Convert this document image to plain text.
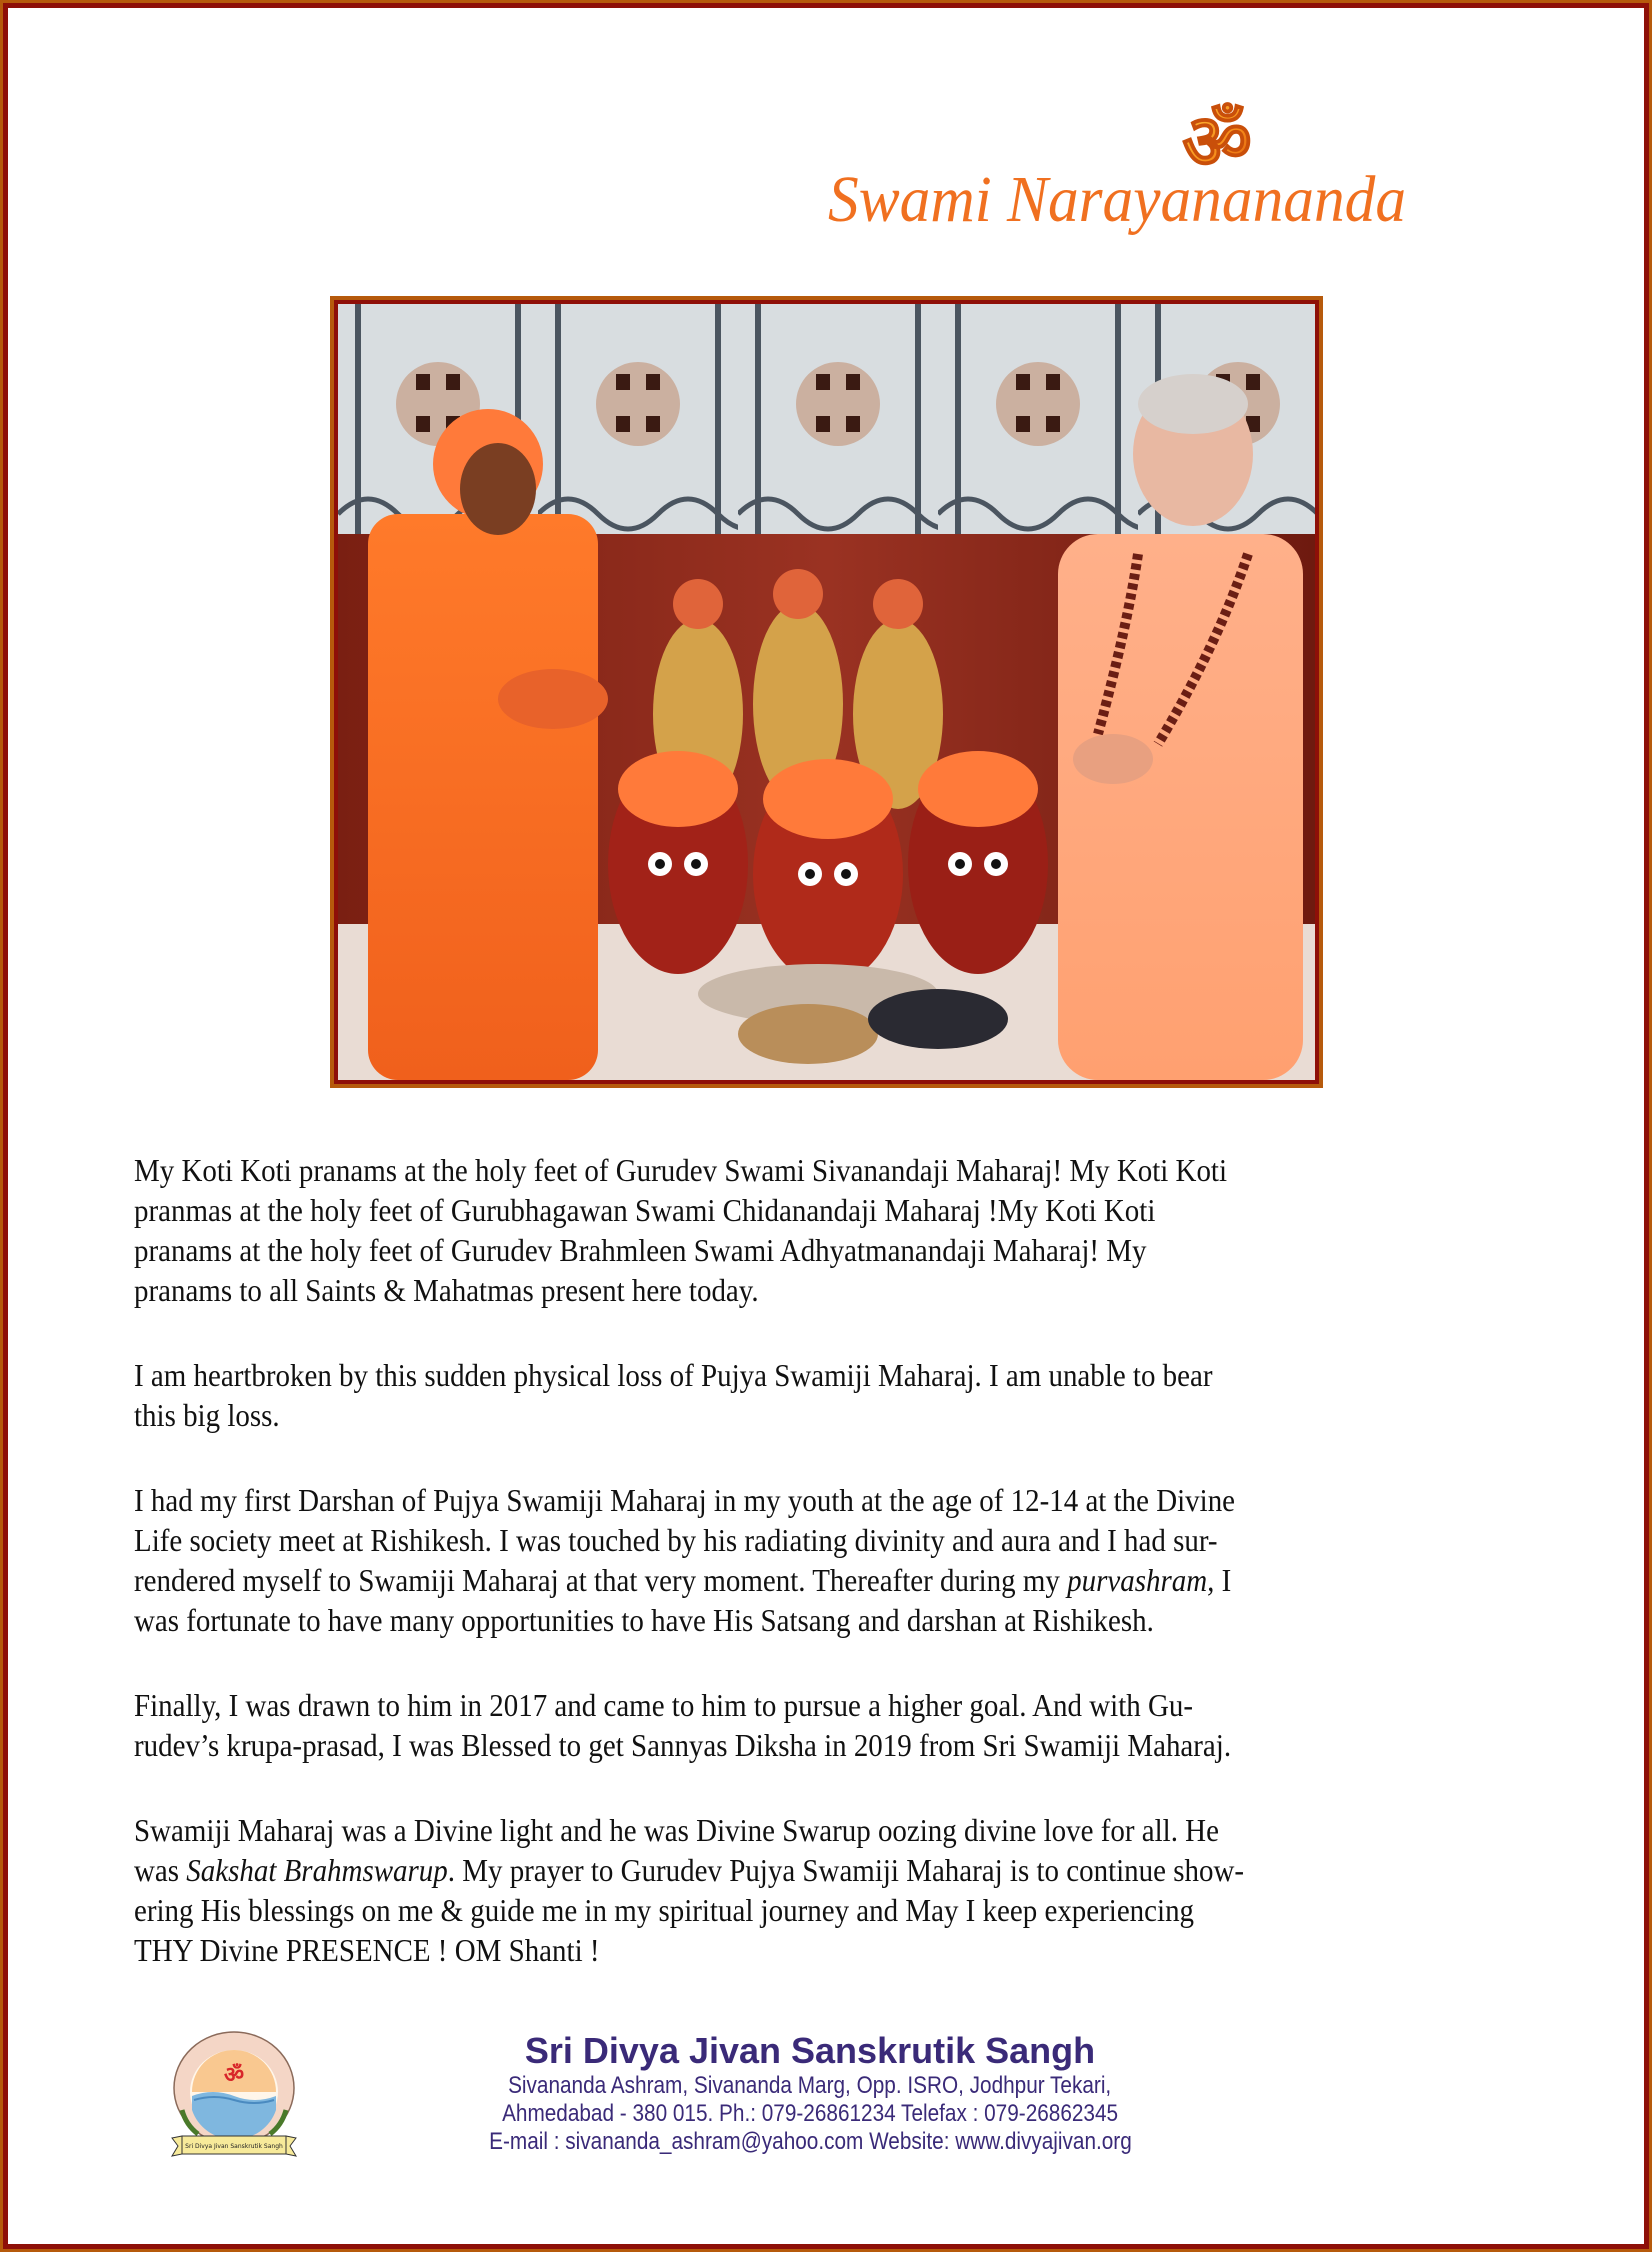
ॐ
Swami Narayanananda
My Koti Koti pranams at the holy feet of Gurudev Swami Sivanandaji Maharaj! My Koti Koti
pranmas at the holy feet of Gurubhagawan Swami Chidanandaji Maharaj !My Koti Koti
pranams at the holy feet of Gurudev Brahmleen Swami Adhyatmanandaji Maharaj! My
pranams to all Saints & Mahatmas present here today.
I am heartbroken by this sudden physical loss of Pujya Swamiji Maharaj. I am unable to bear
this big loss.
I had my first Darshan of Pujya Swamiji Maharaj in my youth at the age of 12-14 at the Divine
Life society meet at Rishikesh. I was touched by his radiating divinity and aura and I had sur-
rendered myself to Swamiji Maharaj at that very moment. Thereafter during my purvashram, I
was fortunate to have many opportunities to have His Satsang and darshan at Rishikesh.
Finally, I was drawn to him in 2017 and came to him to pursue a higher goal. And with Gu-
rudev’s krupa-prasad, I was Blessed to get Sannyas Diksha in 2019 from Sri Swamiji Maharaj.
Swamiji Maharaj was a Divine light and he was Divine Swarup oozing divine love for all. He
was Sakshat Brahmswarup. My prayer to Gurudev Pujya Swamiji Maharaj is to continue show-
ering His blessings on me & guide me in my spiritual journey and May I keep experiencing
THY Divine PRESENCE ! OM Shanti !
ॐ
Sri Divya Jivan Sanskrutik Sangh
Sri Divya Jivan Sanskrutik Sangh
Sivananda Ashram, Sivananda Marg, Opp. ISRO, Jodhpur Tekari,
Ahmedabad - 380 015. Ph.: 079-26861234 Telefax : 079-26862345
E-mail : sivananda_ashram@yahoo.com Website: www.divyajivan.org
